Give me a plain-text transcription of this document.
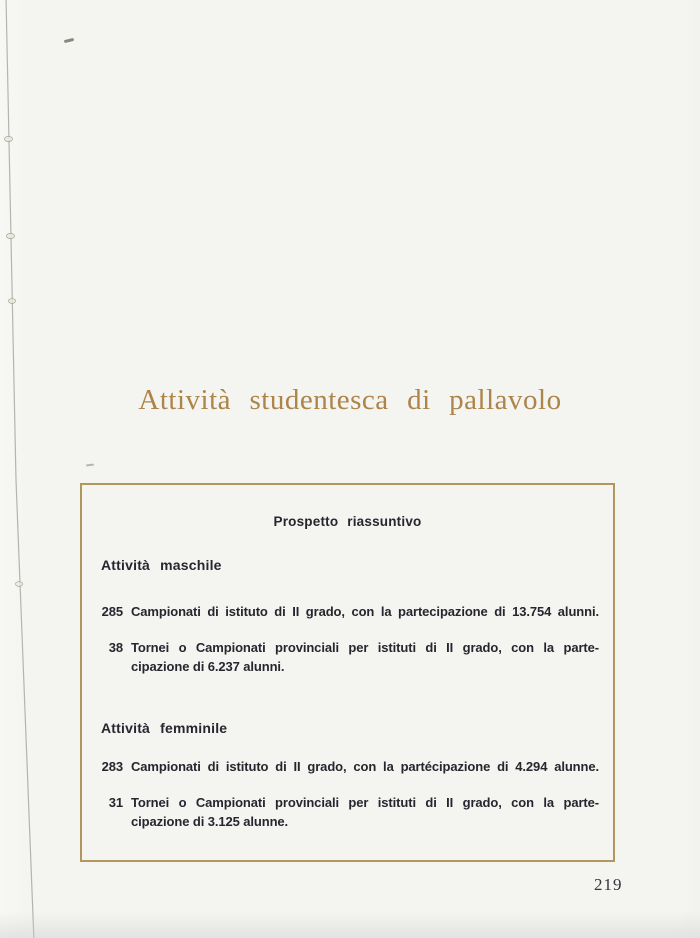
Attività studentesca di pallavolo
Prospetto riassuntivo
Attività maschile
285 Campionati di istituto di II grado, con la partecipazione di 13.754 alunni.
38 Tornei o Campionati provinciali per istituti di II grado, con la parte-
cipazione di 6.237 alunni.
Attività femminile
283 Campionati di istituto di II grado, con la partécipazione di 4.294 alunne.
31 Tornei o Campionati provinciali per istituti di II grado, con la parte-
cipazione di 3.125 alunne.
219
